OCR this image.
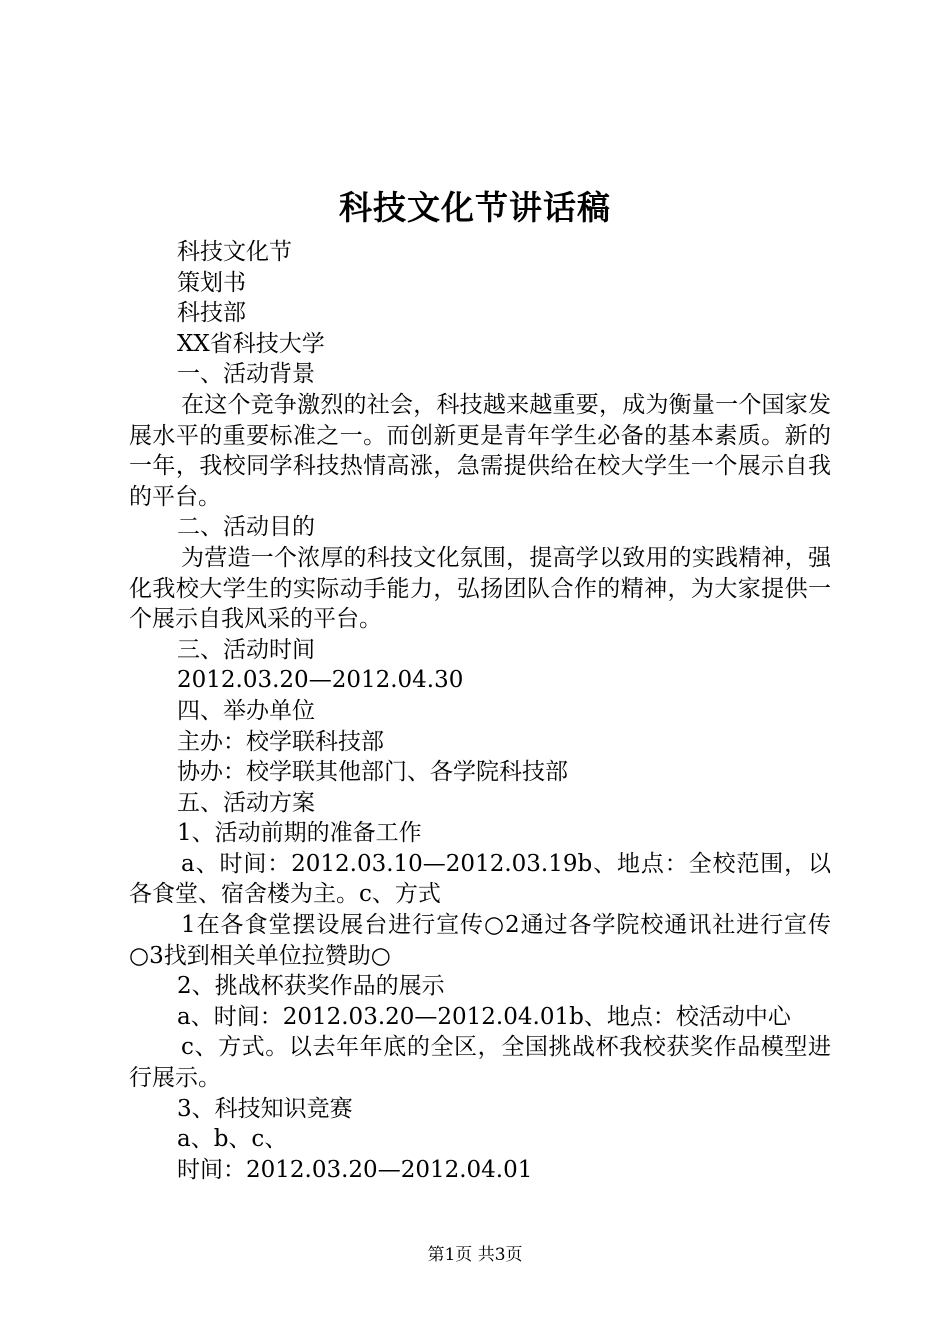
科技文化节讲话稿

科技文化节

策划书

科技部

XX省科技大学

一、活动背景

在这个竞争激烈的社会，科技越来越重要，成为衡量一个国家发展水平的重要标准之一。而创新更是青年学生必备的基本素质。新的一年，我校同学科技热情高涨，急需提供给在校大学生一个展示自我的平台。

二、活动目的

为营造一个浓厚的科技文化氛围，提高学以致用的实践精神，强化我校大学生的实际动手能力，弘扬团队合作的精神，为大家提供一个展示自我风采的平台。

三、活动时间

2012.03.20—2012.04.30

四、举办单位

主办：校学联科技部

协办：校学联其他部门、各学院科技部

五、活动方案

1、活动前期的准备工作

a、时间：2012.03.10—2012.03.19b、地点：全校范围，以各食堂、宿舍楼为主。c、方式

1在各食堂摆设展台进行宣传○2通过各学院校通讯社进行宣传○3找到相关单位拉赞助○

2、挑战杯获奖作品的展示

a、时间：2012.03.20—2012.04.01b、地点：校活动中心

c、方式。以去年年底的全区，全国挑战杯我校获奖作品模型进行展示。

3、科技知识竞赛

a、b、c、

时间：2012.03.20—2012.04.01

第1页 共3页
